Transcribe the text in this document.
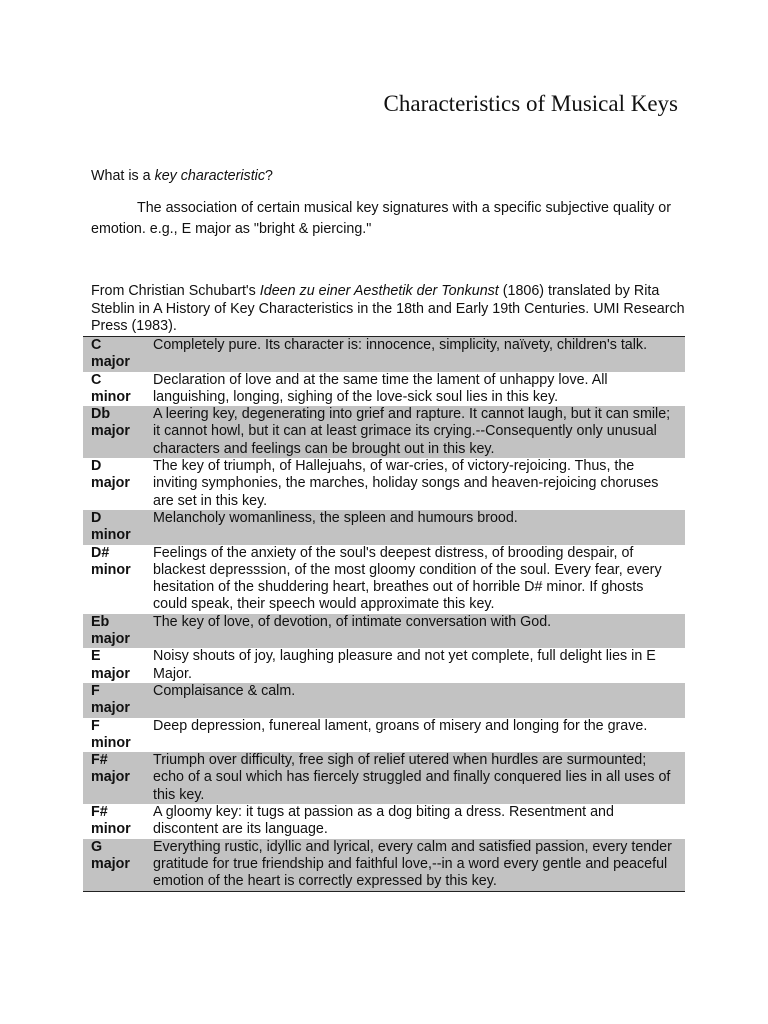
Characteristics of Musical Keys
What is a key characteristic?
The association of certain musical key signatures with a specific subjective quality or emotion. e.g., E major as "bright & piercing."
From Christian Schubart's Ideen zu einer Aesthetik der Tonkunst (1806) translated by Rita Steblin in A History of Key Characteristics in the 18th and Early 19th Centuries. UMI Research Press (1983).
C
major	Completely pure. Its character is: innocence, simplicity, naïvety, children's talk.

C
minor	Declaration of love and at the same time the lament of unhappy love. All languishing, longing, sighing of the love-sick soul lies in this key.

Db
major	A leering key, degenerating into grief and rapture. It cannot laugh, but it can smile; it cannot howl, but it can at least grimace its crying.--Consequently only unusual characters and feelings can be brought out in this key.

D
major	The key of triumph, of Hallejuahs, of war-cries, of victory-rejoicing. Thus, the inviting symphonies, the marches, holiday songs and heaven-rejoicing choruses are set in this key.

D
minor	Melancholy womanliness, the spleen and humours brood.

D#
minor	Feelings of the anxiety of the soul's deepest distress, of brooding despair, of blackest depresssion, of the most gloomy condition of the soul. Every fear, every hesitation of the shuddering heart, breathes out of horrible D# minor. If ghosts could speak, their speech would approximate this key.

Eb
major	The key of love, of devotion, of intimate conversation with God.

E
major	Noisy shouts of joy, laughing pleasure and not yet complete, full delight lies in E Major.

F
major	Complaisance & calm.

F
minor	Deep depression, funereal lament, groans of misery and longing for the grave.

F#
major	Triumph over difficulty, free sigh of relief utered when hurdles are surmounted; echo of a soul which has fiercely struggled and finally conquered lies in all uses of this key.

F#
minor	A gloomy key: it tugs at passion as a dog biting a dress. Resentment and discontent are its language.

G
major	Everything rustic, idyllic and lyrical, every calm and satisfied passion, every tender gratitude for true friendship and faithful love,--in a word every gentle and peaceful emotion of the heart is correctly expressed by this key.
